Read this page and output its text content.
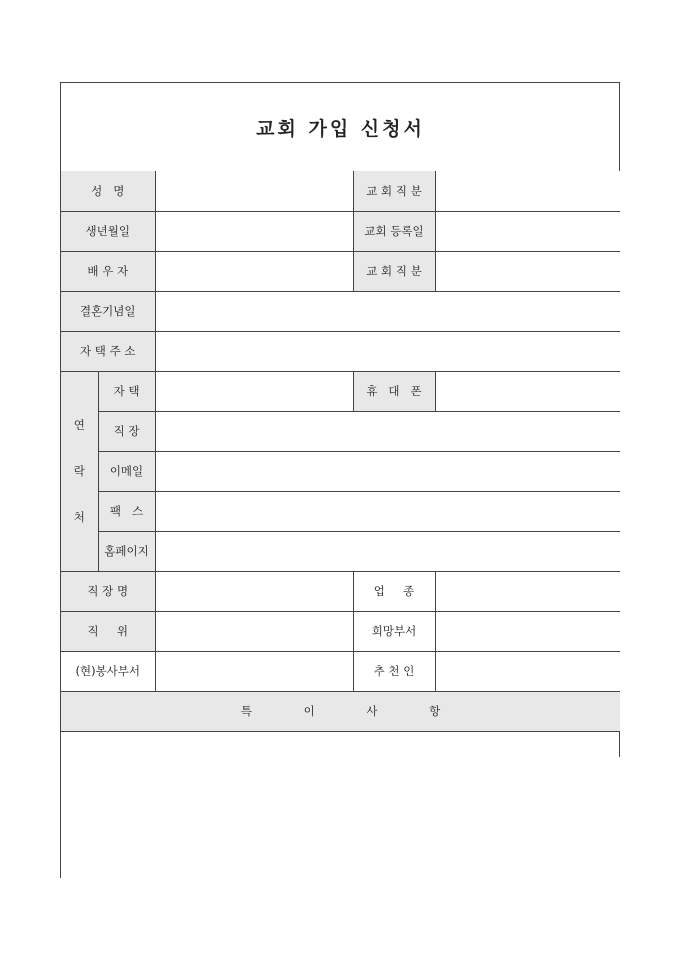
교회 가입 신청서
성   명			교 회 직 분	
생년월일			교회 등록일	
배 우 자			교 회 직 분	
결혼기념일				
자 택 주 소				

연
락
처	자 택		휴   대   폰	
	직 장			
	이메일			
	팩   스			
	홈페이지			
직 장 명			업     종	
직     위			희망부서	
(현)봉사부서			추 천 인	
특 이 사 항				
